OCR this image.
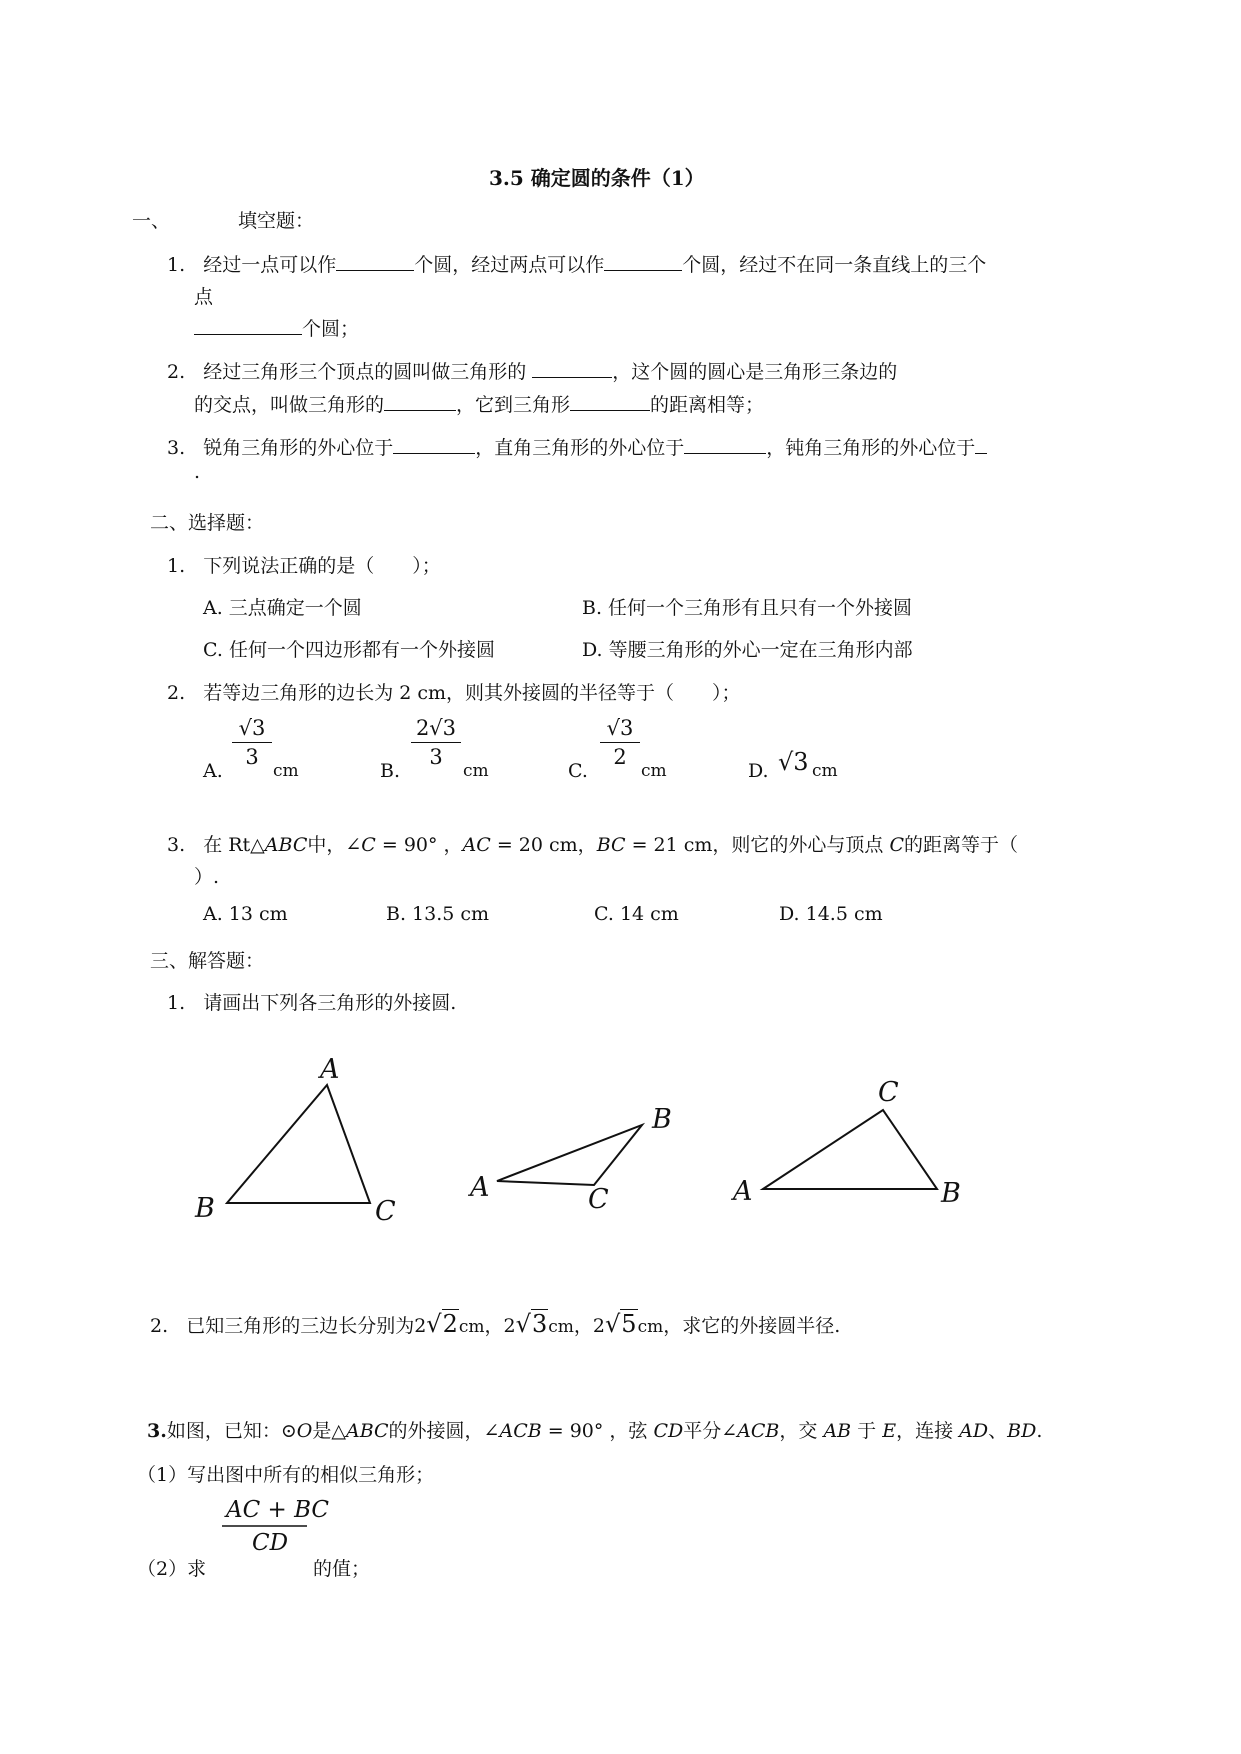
3.5 确定圆的条件（1）
一、	填空题：
1. 经过一点可以作	个圆，经过两点可以作	个圆，经过不在同一条直线上的三个
点
个圆；
2. 经过三角形三个顶点的圆叫做三角形的	，这个圆的圆心是三角形三条边的
的交点，叫做三角形的	，它到三角形	的距离相等；
3. 锐角三角形的外心位于	，直角三角形的外心位于	，钝角三角形的外心位于
.
二、选择题：
1. 下列说法正确的是（　　）；
A. 三点确定一个圆	B. 任何一个三角形有且只有一个外接圆
C. 任何一个四边形都有一个外接圆	D. 等腰三角形的外心一定在三角形内部
2. 若等边三角形的边长为 2 cm，则其外接圆的半径等于（　　）；
A.
$\frac{√3}{3}$
cm	B.
$\frac{2√3}{3}$
cm	C.
$\frac{√3}{2}$
cm	D. √3 cm
3. 在 Rt△ABC中，∠C = 90° ，AC = 20 cm，BC = 21 cm，则它的外心与顶点 C的距离等于（
）.
A. 13 cm	B. 13.5 cm	C. 14 cm	D. 14.5 cm
三、解答题：
1. 请画出下列各三角形的外接圆.
A
B	C
A
B
C	A	B
C
2. 已知三角形的三边长分别为2√2cm，2√3cm，2√5cm，求它的外接圆半径.
3.如图，已知：⊙O是△ABC的外接圆，∠ACB = 90° ，弦 CD平分∠ACB，交 AB 于 E，连接 AD、BD.
（1）写出图中所有的相似三角形；
（2）求
AC + BC
CD
的值；
